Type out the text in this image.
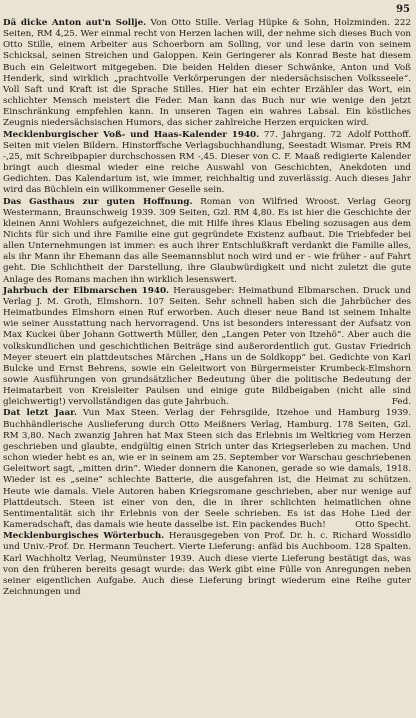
95

Dä dicke Anton aut'n Sollje. Von Otto Stille. Verlag Hüpke & Sohn, Holzminden. 222 Seiten, RM 4,25. Wer einmal recht von Herzen lachen will, der nehme sich dieses Buch von Otto Stille, einem Arbeiter aus Schoerborn am Solling, vor und lese darin von seinem Schicksal, seinen Streichen und Galoppen. Kein Geringerer als Konrad Beste hat diesem Buch ein Geleitwort mitgegeben. Die beiden Helden dieser Schwänke, Anton und Voß Henderk, sind wirklich „prachtvolle Verkörperungen der niedersächsischen Volksseele“. Voll Saft und Kraft ist die Sprache Stilles. Hier hat ein echter Erzähler das Wort, ein schlichter Mensch meistert die Feder. Man kann das Buch nur wie wenige den jetzt Einschränkung empfehlen kann. In unseren Tagen ein wahres Labsal. Ein köstliches Zeugnis niedersächsischen Humors, das sicher zahlreiche Herzen erquicken wird.
Adolf Potthoff.

Mecklenburgischer Voß- und Haas-Kalender 1940. 77. Jahrgang. 72 Seiten mit vielen Bildern. Hinstorffsche Verlagsbuchhandlung, Seestadt Wismar. Preis RM -,25, mit Schreibpapier durchschossen RM -,45. Dieser von C. F. Maaß redigierte Kalender bringt auch diesmal wieder eine reiche Auswahl von Geschichten, Anekdoten und Gedichten. Das Kalendarium ist, wie immer, reichhaltig und zuverlässig. Auch dieses Jahr wird das Büchlein ein willkommener Geselle sein.

Das Gasthaus zur guten Hoffnung. Roman von Wilfried Wroost. Verlag Georg Westermann, Braunschweig 1939. 309 Seiten, Gzl. RM 4,80. Es ist hier die Geschichte der kleinen Anni Wohlers aufgezeichnet, die mit Hilfe ihres Klaus Ebeling sozusagen aus dem Nichts für sich und ihre Familie eine gut gegründete Existenz aufbaut. Die Triebfeder bei allen Unternehmungen ist immer: es auch ihrer Entschlußkraft verdankt die Familie alles, als ihr Mann ihr Ehemann das alle Seemannsblut noch wird und er - wie früher - auf Fahrt geht. Die Schlichtheit der Darstellung, ihre Glaubwürdigkeit und nicht zuletzt die gute Anlage des Romans machen ihn wirklich lesenswert.

Jahrbuch der Elbmarschen 1940. Herausgeber: Heimatbund Elbmarschen. Druck und Verlag J. M. Groth, Elmshorn. 107 Seiten. Sehr schnell haben sich die Jahrbücher des Heimatbundes Elmshorn einen Ruf erworben. Auch dieser neue Band ist seinem Inhalte wie seiner Ausstattung nach hervorragend. Uns ist besonders interessant der Aufsatz von Max Kuckei über Johann Gottwerth Müller, den „Langen Peter von Itzehö“. Aber auch die volkskundlichen und geschichtlichen Beiträge sind außerordentlich gut. Gustav Friedrich Meyer steuert ein plattdeutsches Märchen „Hans un de Soldkopp“ bei. Gedichte von Karl Bulcke und Ernst Behrens, sowie ein Geleitwort von Bürgermeister Krumbeck-Elmshorn sowie Ausführungen von grundsätzlicher Bedeutung über die politische Bedeutung der Heimatarbeit von Kreisleiter Paulsen und einige gute Bildbeigaben (nicht alle sind gleichwertig!) vervollständigen das gute Jahrbuch.	Fed.

Dat letzt Jaar. Vun Max Steen. Verlag der Fehrsgilde, Itzehoe und Hamburg 1939. Buchhändlerische Auslieferung durch Otto Meißners Verlag, Hamburg. 178 Seiten, Gzl. RM 3,80. Nach zwanzig Jahren hat Max Steen sich das Erlebnis im Weltkrieg vom Herzen geschrieben und glaubte, endgültig einen Strich unter das Kriegserleben zu machen. Und schon wieder hebt es an, wie er in seinem am 25. September vor Warschau geschriebenen Geleitwort sagt, „mitten drin“. Wieder donnern die Kanonen, gerade so wie damals, 1918. Wieder ist es „seine“ schlechte Batterie, die ausgefahren ist, die Heimat zu schützen. Heute wie damals. Viele Autoren haben Kriegsromane geschrieben, aber nur wenige auf Plattdeutsch. Steen ist einer von den, die in ihrer schlichten heimatlichen ohne Sentimentalität sich ihr Erlebnis von der Seele schrieben. Es ist das Hohe Lied der Kameradschaft, das damals wie heute dasselbe ist. Ein packendes Buch!	Otto Specht.

Mecklenburgisches Wörterbuch. Herausgegeben von Prof. Dr. h. c. Richard Wossidlo und Univ.-Prof. Dr. Hermann Teuchert. Vierte Lieferung: anfäd bis Auchboom. 128 Spalten. Karl Wachholtz Verlag, Neumünster 1939. Auch diese vierte Lieferung bestätigt das, was von den früheren bereits gesagt wurde: das Werk gibt eine Fülle von Anregungen neben seiner eigentlichen Aufgabe. Auch diese Lieferung bringt wiederum eine Reihe guter Zeichnungen und
